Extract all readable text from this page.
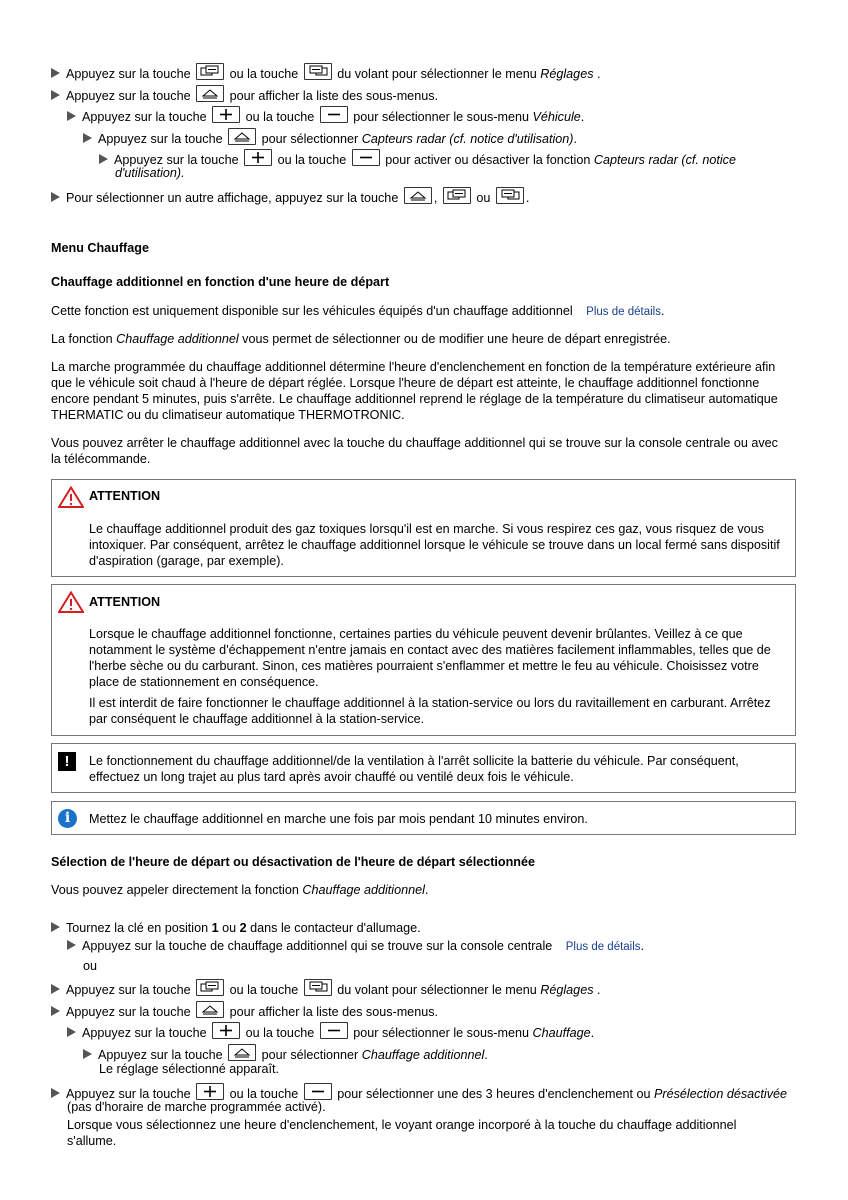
Appuyez sur la touche	ou la touche	du volant pour sélectionner le menu Réglages .
Appuyez sur la touche	pour afficher la liste des sous-menus.
Appuyez sur la touche	ou la touche	pour sélectionner le sous-menu Véhicule.
Appuyez sur la touche	pour sélectionner Capteurs radar (cf. notice d'utilisation).
Appuyez sur la touche	ou la touche	pour activer ou désactiver la fonction Capteurs radar (cf. notice
d'utilisation).
Pour sélectionner un autre affichage, appuyez sur la touche	,	ou	.
Menu Chauffage
Chauffage additionnel en fonction d'une heure de départ
Cette fonction est uniquement disponible sur les véhicules équipés d'un chauffage additionnel Plus de détails.
La fonction Chauffage additionnel vous permet de sélectionner ou de modifier une heure de départ enregistrée.
La marche programmée du chauffage additionnel détermine l'heure d'enclenchement en fonction de la température extérieure afin
que le véhicule soit chaud à l'heure de départ réglée. Lorsque l'heure de départ est atteinte, le chauffage additionnel fonctionne
encore pendant 5 minutes, puis s'arrête. Le chauffage additionnel reprend le réglage de la température du climatiseur automatique
THERMATIC ou du climatiseur automatique THERMOTRONIC.
Vous pouvez arrêter le chauffage additionnel avec la touche du chauffage additionnel qui se trouve sur la console centrale ou avec
la télécommande.
ATTENTION

Le chauffage additionnel produit des gaz toxiques lorsqu'il est en marche. Si vous respirez ces gaz, vous risquez de vous intoxiquer. Par conséquent, arrêtez le chauffage additionnel lorsque le véhicule se trouve dans un local fermé sans dispositif d'aspiration (garage, par exemple).

ATTENTION

Lorsque le chauffage additionnel fonctionne, certaines parties du véhicule peuvent devenir brûlantes. Veillez à ce que notamment le système d'échappement n'entre jamais en contact avec des matières facilement inflammables, telles que de l'herbe sèche ou du carburant. Sinon, ces matières pourraient s'enflammer et mettre le feu au véhicule. Choisissez votre place de stationnement en conséquence.

Il est interdit de faire fonctionner le chauffage additionnel à la station-service ou lors du ravitaillement en carburant. Arrêtez par conséquent le chauffage additionnel à la station-service.

!	Le fonctionnement du chauffage additionnel/de la ventilation à l'arrêt sollicite la batterie du véhicule. Par conséquent, effectuez un long trajet au plus tard après avoir chauffé ou ventilé deux fois le véhicule.

i	Mettez le chauffage additionnel en marche une fois par mois pendant 10 minutes environ.

Sélection de l'heure de départ ou désactivation de l'heure de départ sélectionnée
Vous pouvez appeler directement la fonction Chauffage additionnel.
Tournez la clé en position 1 ou 2 dans le contacteur d'allumage.
Appuyez sur la touche de chauffage additionnel qui se trouve sur la console centrale Plus de détails.
ou
Appuyez sur la touche	ou la touche	du volant pour sélectionner le menu Réglages .
Appuyez sur la touche	pour afficher la liste des sous-menus.
Appuyez sur la touche	ou la touche	pour sélectionner le sous-menu Chauffage.
Appuyez sur la touche	pour sélectionner Chauffage additionnel.
Le réglage sélectionné apparaît.
Appuyez sur la touche	ou la touche	pour sélectionner une des 3 heures d'enclenchement ou Présélection désactivée
(pas d'horaire de marche programmée activé).
Lorsque vous sélectionnez une heure d'enclenchement, le voyant orange incorporé à la touche du chauffage additionnel
s'allume.
